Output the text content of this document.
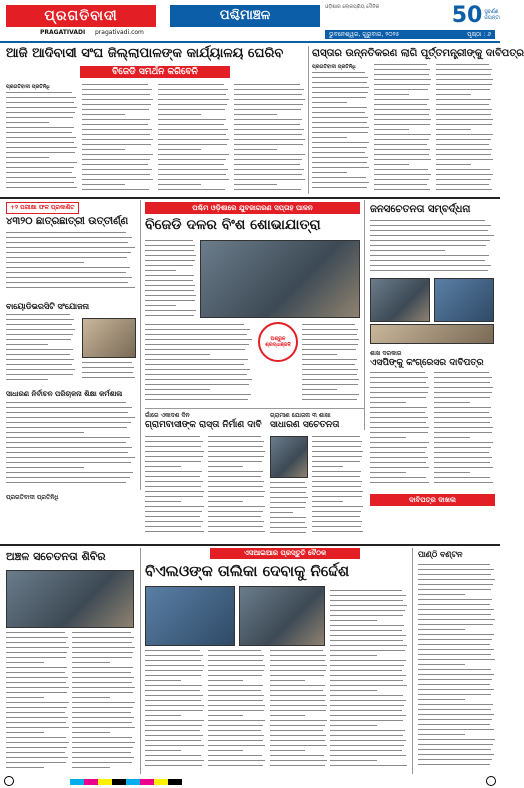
ପ୍ରଗତିବାଦୀ
PRAGATIVADI pragativadi.com
ପଶ୍ଚିମାଞ୍ଚଳ
ଓଡ଼ିଶାର ଲୋକପ୍ରିୟ ଦୈନିକ
ଭୁବନେଶ୍ୱର, ଗୁରୁବାର, ୨୦୨୫	ପୃଷ୍ଠା : ୬
50 ସୁବର୍ଣ୍ଣ ଜୟନ୍ତୀ
ଆଜି ଆଦିବାସୀ ସଂଘ ଜିଲ୍ଲାପାଳଙ୍କ କାର୍ଯ୍ୟାଳୟ ଘେରିବ
ବିଜେଡି ସମର୍ଥନ କରିବେନି
ରାସ୍ତାର ଉନ୍ନତିକରଣ ଲାଗି ପୂର୍ତ୍ତମନ୍ତ୍ରୀଙ୍କୁ ଦାବିପତ୍ର
ପ୍ରଗତିବାଦୀ ପ୍ରତିନିଧି
ପ୍ରଗତିବାଦୀ ପ୍ରତିନିଧି
+୨ ପରୀକ୍ଷା ଫଳ ପ୍ରକାଶିତ
୪୩୨୦ ଛାତ୍ରଛାତ୍ରୀ ଉତ୍ତୀର୍ଣ୍ଣ
ବାୟୋଡିଭରସିଟି ସଂଯୋଜନା
ସାଧାରଣ ନିର୍ବାଚନ ପରିଚାଳନା ଶିକ୍ଷା କର୍ମଶାଳା
ପଶ୍ଚିମ ଓଡ଼ିଶାରେ ଯୁବଜାଗରଣ ସପ୍ତାହ ପାଳନ
ବିଜେଡି ଦଳର ବିଂଶ ଶୋଭାଯାତ୍ରା
ଅଶ୍ରୁଳ ଶ୍ରଦ୍ଧାଞ୍ଜଳି
ଜନସଚେତନତା ସମ୍ବର୍ଦ୍ଧନା
ଶାଖ ଦରକାର
ଏସପିଙ୍କୁ କଂଗ୍ରେସର ଦାବିପତ୍ର
ଗାଁରେ ଏକାଦଶ ଦିନ
ଗ୍ରାମବାସୀଙ୍କ ରାସ୍ତା ନିର୍ମାଣ ଦାବି
ଗ୍ରାମୀଣ ଯୋଜନା ୩ ଶାଖା
ସାଧାରଣ ସଚେତନତା
ଦାବିପତ୍ର ଦାଖଲ
ପ୍ରଗତିବାଦୀ ପ୍ରତିନିଧି
ଅଞ୍ଚଳ ସଚେତନତା ଶିବିର	ଏସଆଇଆର ପ୍ରସ୍ତୁତି ବୈଠକ
ବିଏଲଓଙ୍କ ତାଲିକା ଦେବାକୁ ନିର୍ଦ୍ଦେଶ
ପାଣ୍ଠି ବଣ୍ଟନ
